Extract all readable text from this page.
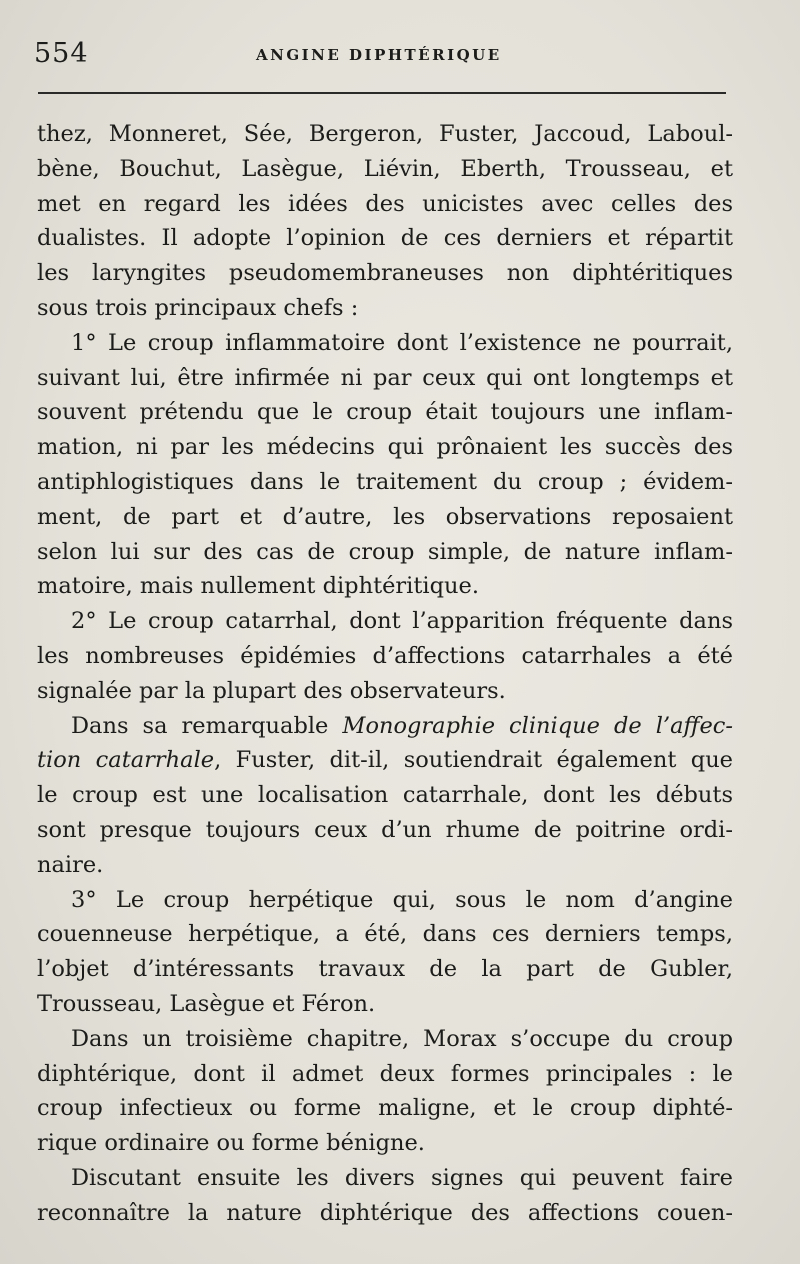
554	ANGINE DIPHTÉRIQUE
thez, Monneret, Sée, Bergeron, Fuster, Jaccoud, Laboul-
bène, Bouchut, Lasègue, Liévin, Eberth, Trousseau, et
met en regard les idées des unicistes avec celles des
dualistes. Il adopte l’opinion de ces derniers et répartit
les laryngites pseudomembraneuses non diphtéritiques
sous trois principaux chefs :
1° Le croup inflammatoire dont l’existence ne pourrait,
suivant lui, être infirmée ni par ceux qui ont longtemps et
souvent prétendu que le croup était toujours une inflam-
mation, ni par les médecins qui prônaient les succès des
antiphlogistiques dans le traitement du croup ; évidem-
ment, de part et d’autre, les observations reposaient
selon lui sur des cas de croup simple, de nature inflam-
matoire, mais nullement diphtéritique.
2° Le croup catarrhal, dont l’apparition fréquente dans
les nombreuses épidémies d’affections catarrhales a été
signalée par la plupart des observateurs.
Dans sa remarquable Monographie clinique de l’affec-
tion catarrhale, Fuster, dit-il, soutiendrait également que
le croup est une localisation catarrhale, dont les débuts
sont presque toujours ceux d’un rhume de poitrine ordi-
naire.
3° Le croup herpétique qui, sous le nom d’angine
couenneuse herpétique, a été, dans ces derniers temps,
l’objet d’intéressants travaux de la part de Gubler,
Trousseau, Lasègue et Féron.
Dans un troisième chapitre, Morax s’occupe du croup
diphtérique, dont il admet deux formes principales : le
croup infectieux ou forme maligne, et le croup diphté-
rique ordinaire ou forme bénigne.
Discutant ensuite les divers signes qui peuvent faire
reconnaître la nature diphtérique des affections couen-
